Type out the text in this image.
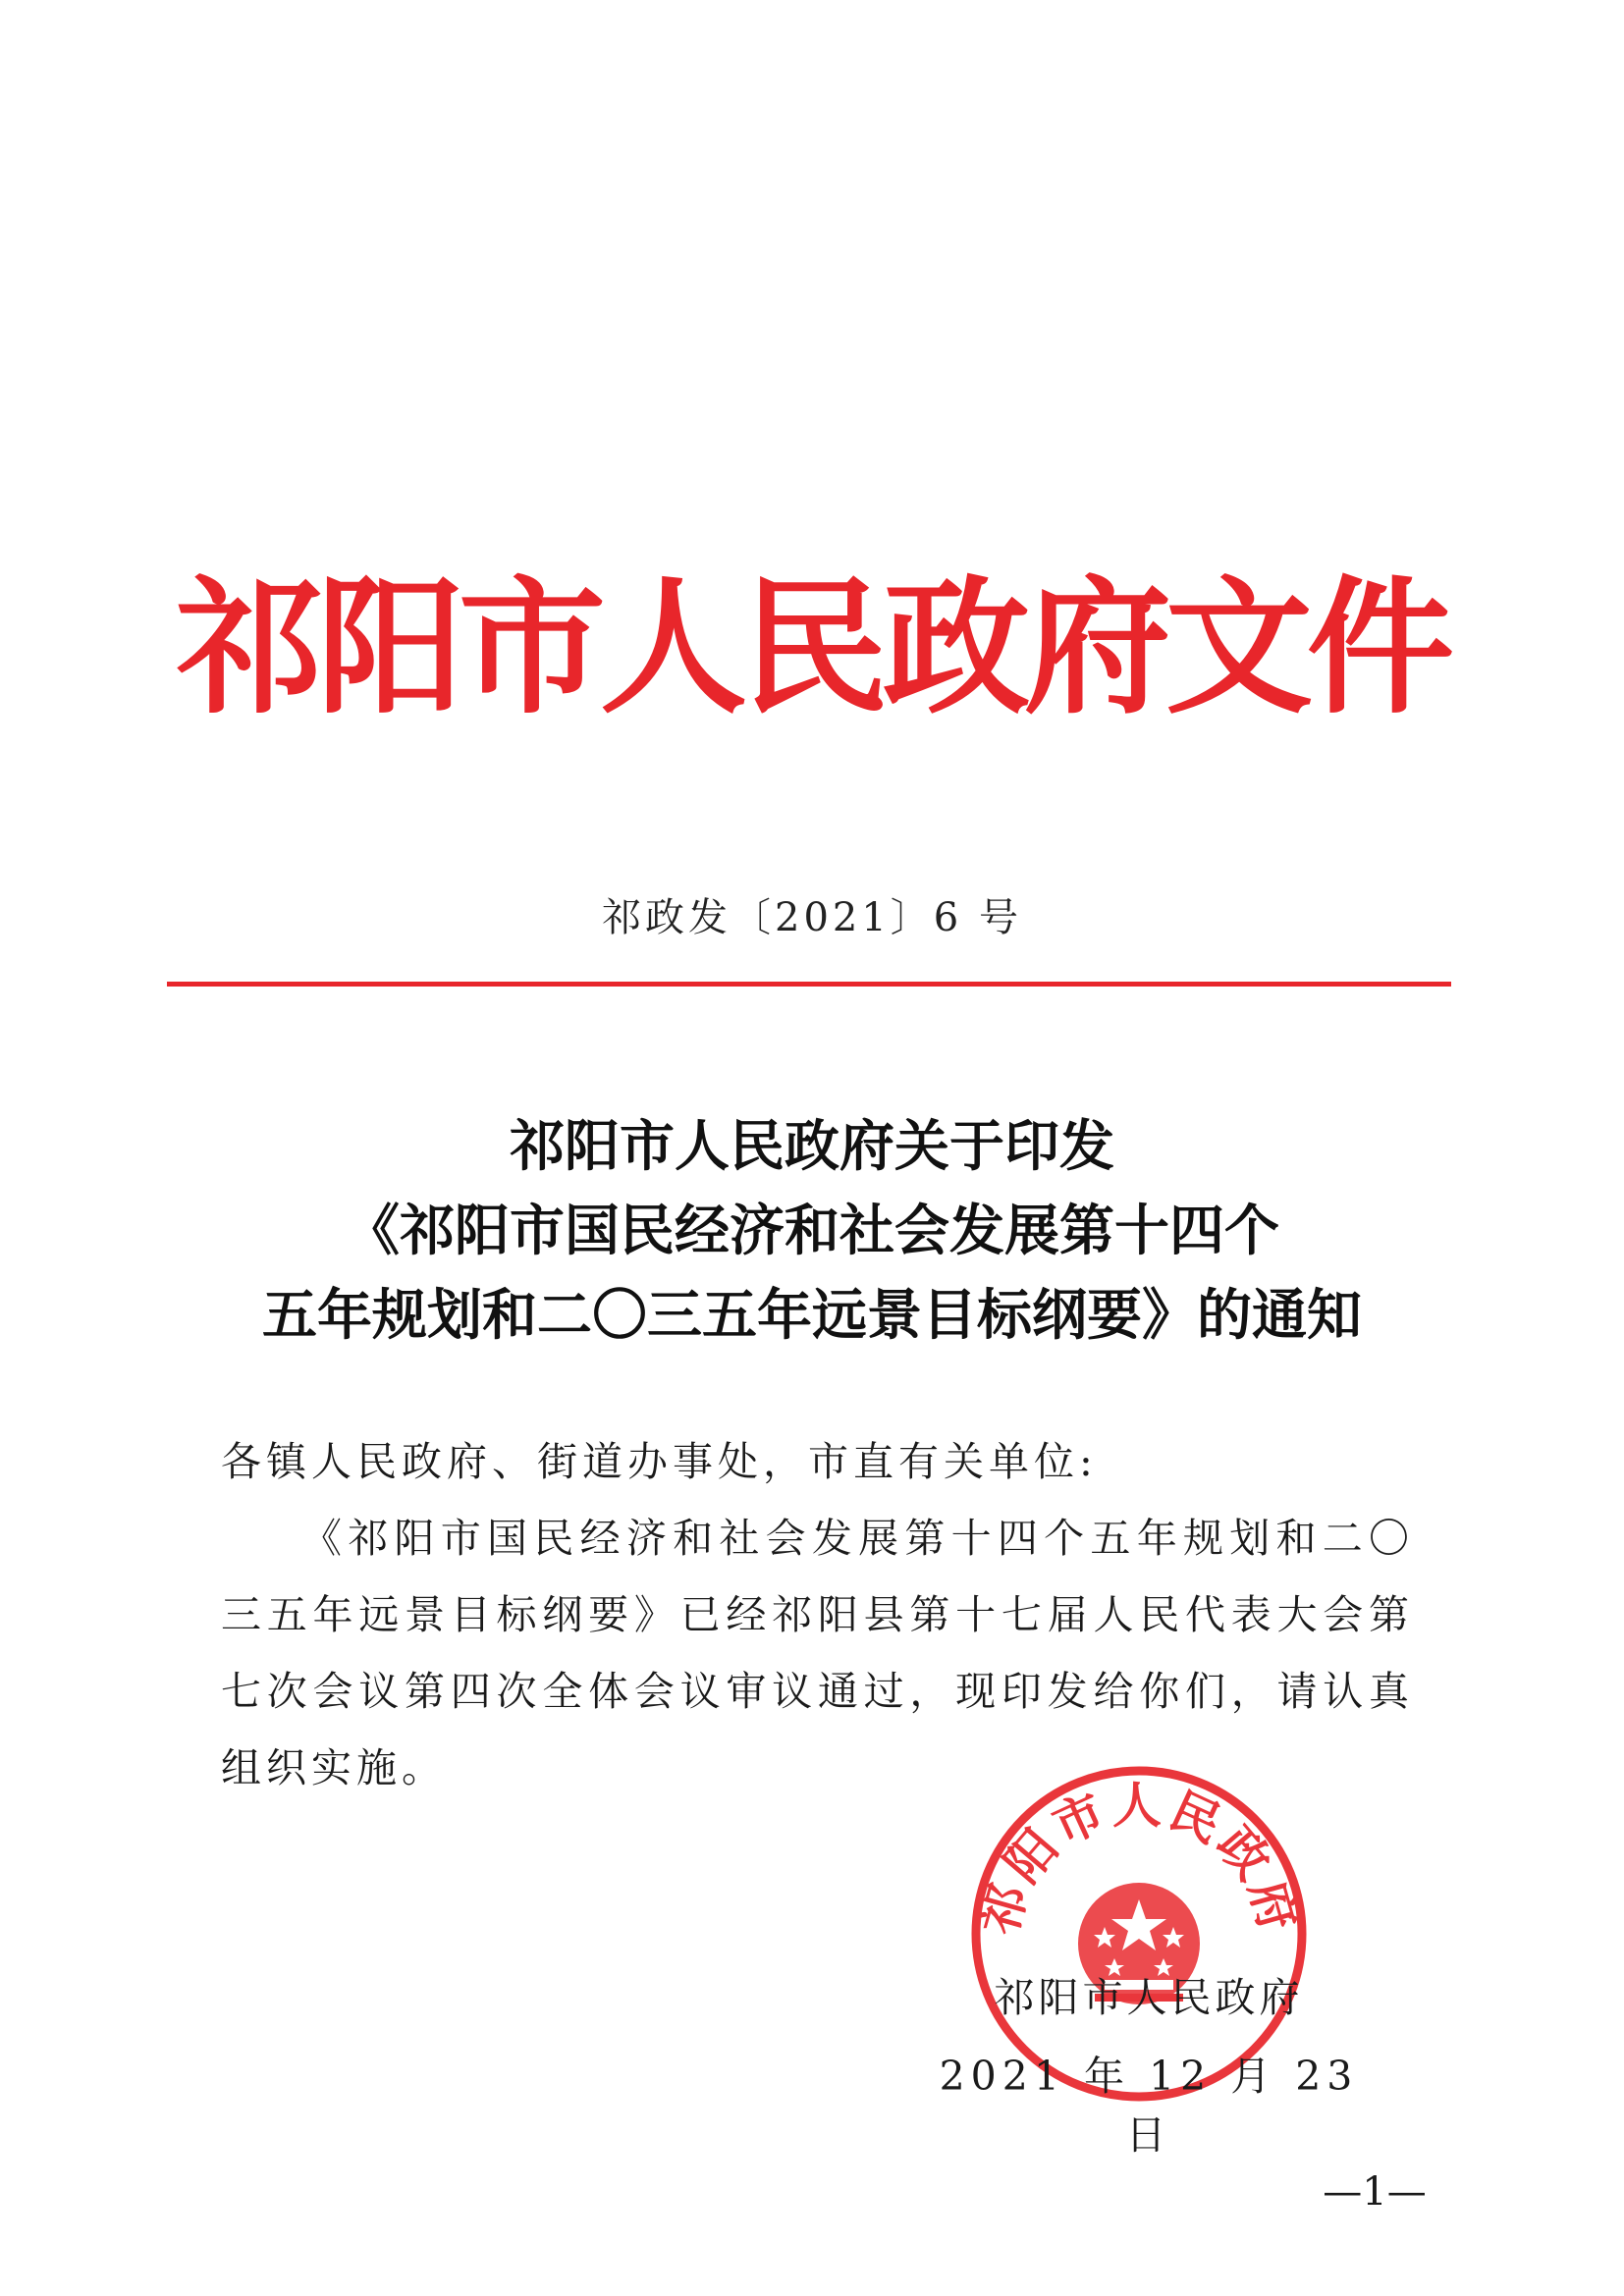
祁阳市人民政府文件
祁政发〔2021〕6 号
祁阳市人民政府关于印发
《祁阳市国民经济和社会发展第十四个
五年规划和二〇三五年远景目标纲要》的通知

各镇人民政府、街道办事处，市直有关单位:

《祁阳市国民经济和社会发展第十四个五年规划和二〇三五年远景目标纲要》已经祁阳县第十七届人民代表大会第七次会议第四次全体会议审议通过，现印发给你们，请认真组织实施。

祁阳市人民政府
祁阳市人民政府
2021 年 12 月 23 日
—1—
